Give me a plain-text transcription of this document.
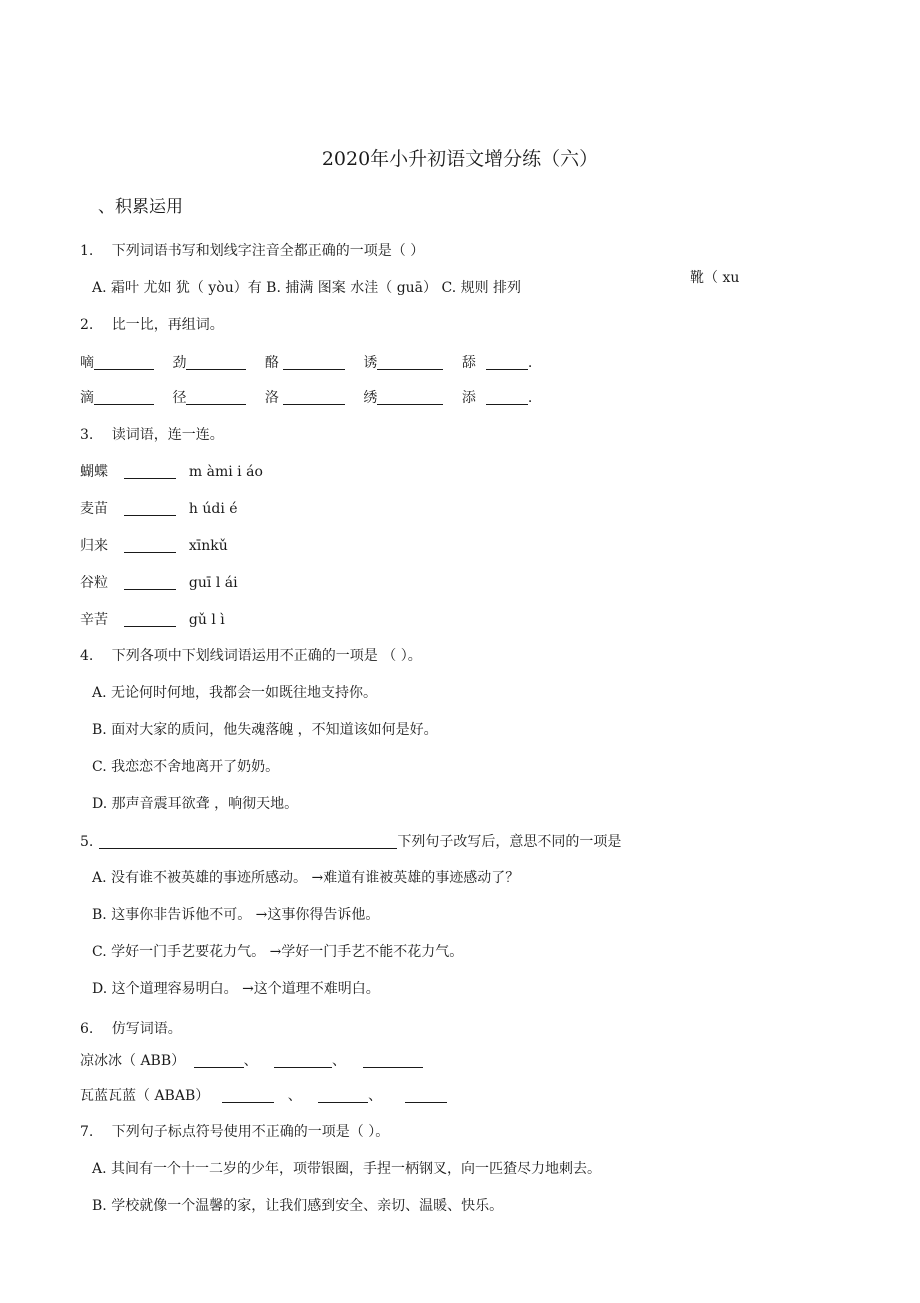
2020年小升初语文增分练（六）
、积累运用
1.　 下列词语书写和划线字注音全都正确的一项是（ ）
A. 霜叶 尤如 犹（ yòu）有 B. 捕满 图案 水洼（ guā） C. 规则 排列
靴（ xu
2.　 比一比，再组词。
嘀	劲	酪	诱	舔	.
滴	径	洛	绣	添	.
3.　 读词语，连一连。
蝴蝶	m àmi i áo
麦苗	h údi é
归来	xīnkǔ
谷粒	guī l ái
辛苦	gǔ l ì
4.　 下列各项中下划线词语运用不正确的一项是 （ ）。
A. 无论何时何地，我都会一如既往地支持你。
B. 面对大家的质问，他失魂落魄 ，不知道该如何是好。
C. 我恋恋不舍地离开了奶奶。
D. 那声音震耳欲聋 ，响彻天地。
5.	下列句子改写后，意思不同的一项是
A. 没有谁不被英雄的事迹所感动。 →难道有谁被英雄的事迹感动了？
B. 这事你非告诉他不可。 →这事你得告诉他。
C. 学好一门手艺要花力气。 →学好一门手艺不能不花力气。
D. 这个道理容易明白。 →这个道理不难明白。
6.　 仿写词语。
凉冰冰（ ABB）	、	、
瓦蓝瓦蓝（ ABAB）	、	、
7.　 下列句子标点符号使用不正确的一项是（ ）。
A. 其间有一个十一二岁的少年，项带银圈，手捏一柄钢叉，向一匹猹尽力地刺去。
B. 学校就像一个温馨的家，让我们感到安全、亲切、温暖、快乐。
